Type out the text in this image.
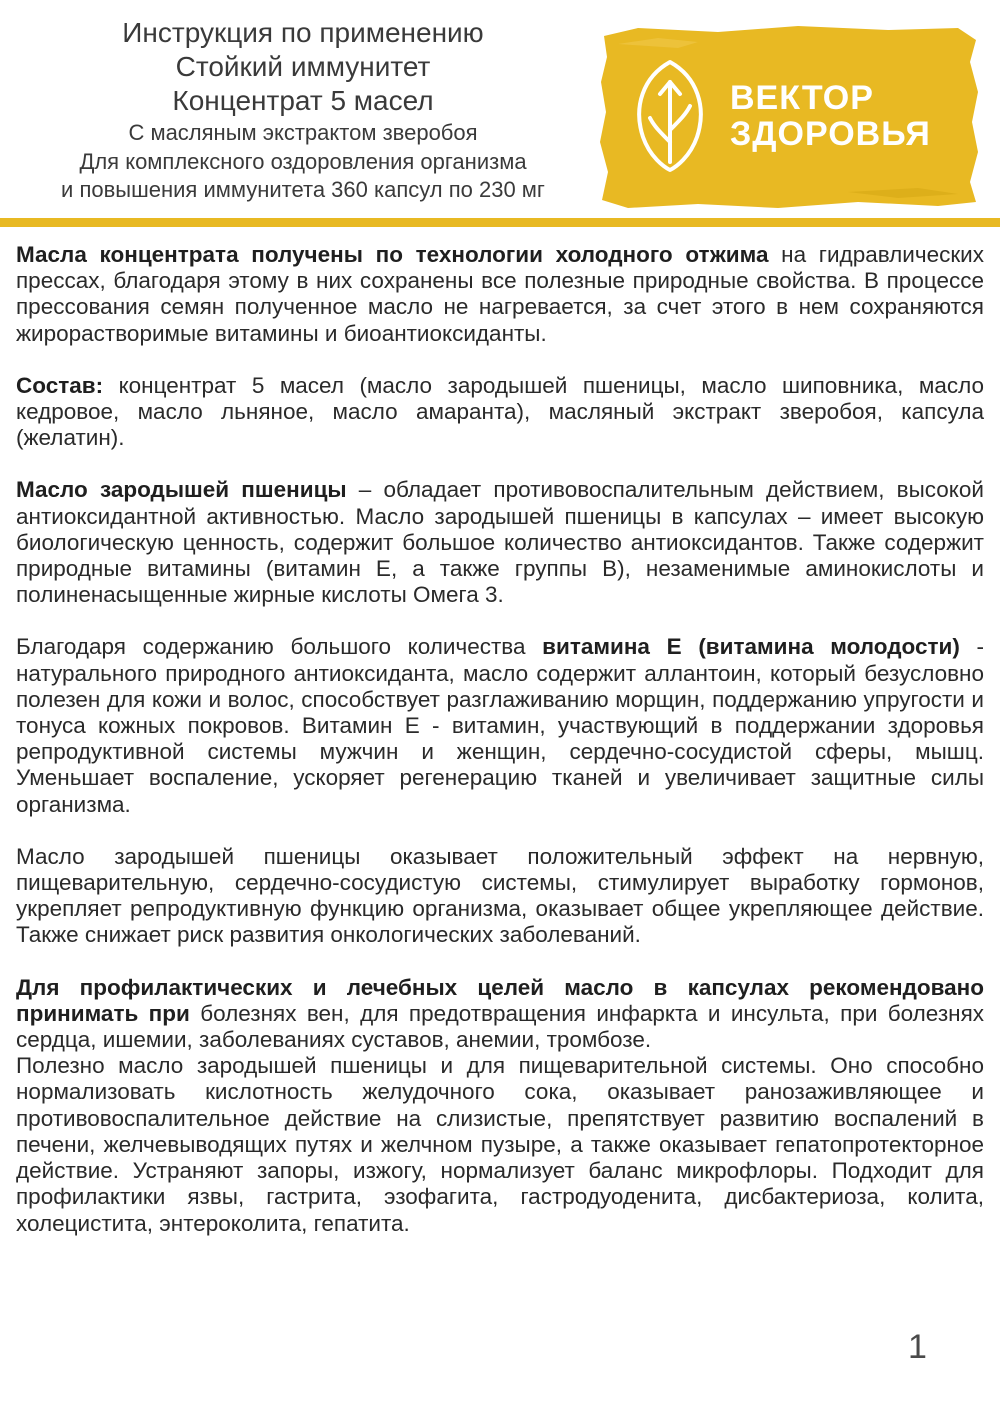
Инструкция по применению
Стойкий иммунитет
Концентрат 5 масел
С масляным экстрактом зверобоя
Для комплексного оздоровления организма
и повышения иммунитета 360 капсул по 230 мг
ВЕКТОР
ЗДОРОВЬЯ

Масла концентрата получены по технологии холодного отжима на гидравлических прессах, благодаря этому в них сохранены все полезные природные свойства. В процессе прессования семян полученное масло не нагревается, за счет этого в нем сохраняются жирорастворимые витамины и биоантиоксиданты.

Состав: концентрат 5 масел (масло зародышей пшеницы, масло шиповника, масло кедровое, масло льняное, масло амаранта), масляный экстракт зверобоя, капсула (желатин).

Масло зародышей пшеницы – обладает противовоспалительным действием, высокой антиоксидантной активностью. Масло зародышей пшеницы в капсулах – имеет высокую биологическую ценность, содержит большое количество антиоксидантов. Также содержит природные витамины (витамин Е, а также группы В), незаменимые аминокислоты и полиненасыщенные жирные кислоты Омега 3.

Благодаря содержанию большого количества витамина Е (витамина молодости) - натурального природного антиоксиданта, масло содержит аллантоин, который безусловно полезен для кожи и волос, способствует разглаживанию морщин, поддержанию упругости и тонуса кожных покровов. Витамин Е - витамин, участвующий в поддержании здоровья репродуктивной системы мужчин и женщин, сердечно-сосудистой сферы, мышц. Уменьшает воспаление, ускоряет регенерацию тканей и увеличивает защитные силы организма.

Масло зародышей пшеницы оказывает положительный эффект на нервную, пищеварительную, сердечно-сосудистую системы, стимулирует выработку гормонов, укрепляет репродуктивную функцию организма, оказывает общее укрепляющее действие. Также снижает риск развития онкологических заболеваний.

Для профилактических и лечебных целей масло в капсулах рекомендовано принимать при болезнях вен, для предотвращения инфаркта и инсульта, при болезнях сердца, ишемии, заболеваниях суставов, анемии, тромбозе.

Полезно масло зародышей пшеницы и для пищеварительной системы. Оно способно нормализовать кислотность желудочного сока, оказывает ранозаживляющее и противовоспалительное действие на слизистые, препятствует развитию воспалений в печени, желчевыводящих путях и желчном пузыре, а также оказывает гепатопротекторное действие. Устраняют запоры, изжогу, нормализует баланс микрофлоры. Подходит для профилактики язвы, гастрита, эзофагита, гастродуоденита, дисбактериоза, колита, холецистита, энтероколита, гепатита.

1
